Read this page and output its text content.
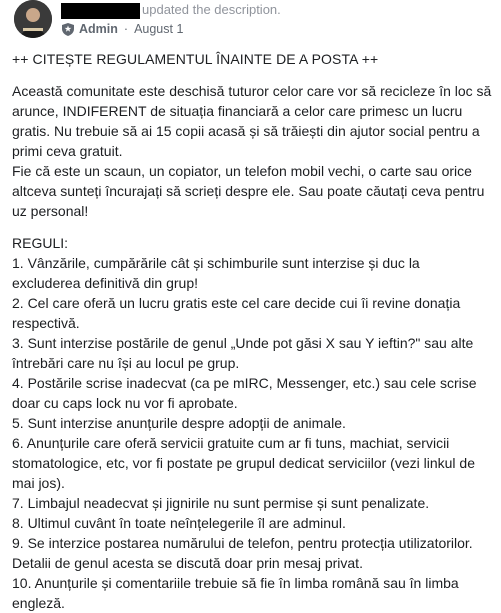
updated the description.
Admin · August 1

++ CITEȘTE REGULAMENTUL ÎNAINTE DE A POSTA ++

Această comunitate este deschisă tuturor celor care vor să recicleze în loc să arunce, INDIFERENT de situația financiară a celor care primesc un lucru gratis. Nu trebuie să ai 15 copii acasă și să trăiești din ajutor social pentru a primi ceva gratuit.

Fie că este un scaun, un copiator, un telefon mobil vechi, o carte sau orice altceva sunteți încurajați să scrieți despre ele. Sau poate căutați ceva pentru uz personal!

REGULI:

1. Vânzările, cumpărările cât și schimburile sunt interzise și duc la excluderea definitivă din grup!

2. Cel care oferă un lucru gratis este cel care decide cui îi revine donația respectivă.

3. Sunt interzise postările de genul „Unde pot găsi X sau Y ieftin?" sau alte întrebări care nu își au locul pe grup.

4. Postările scrise inadecvat (ca pe mIRC, Messenger, etc.) sau cele scrise doar cu caps lock nu vor fi aprobate.

5. Sunt interzise anunțurile despre adopții de animale.

6. Anunțurile care oferă servicii gratuite cum ar fi tuns, machiat, servicii stomatologice, etc, vor fi postate pe grupul dedicat serviciilor (vezi linkul de mai jos).

7. Limbajul neadecvat și jignirile nu sunt permise și sunt penalizate.

8. Ultimul cuvânt în toate neînțelegerile îl are adminul.

9. Se interzice postarea numărului de telefon, pentru protecția utilizatorilor. Detalii de genul acesta se discută doar prin mesaj privat.

10. Anunțurile și comentariile trebuie să fie în limba română sau în limba engleză.
